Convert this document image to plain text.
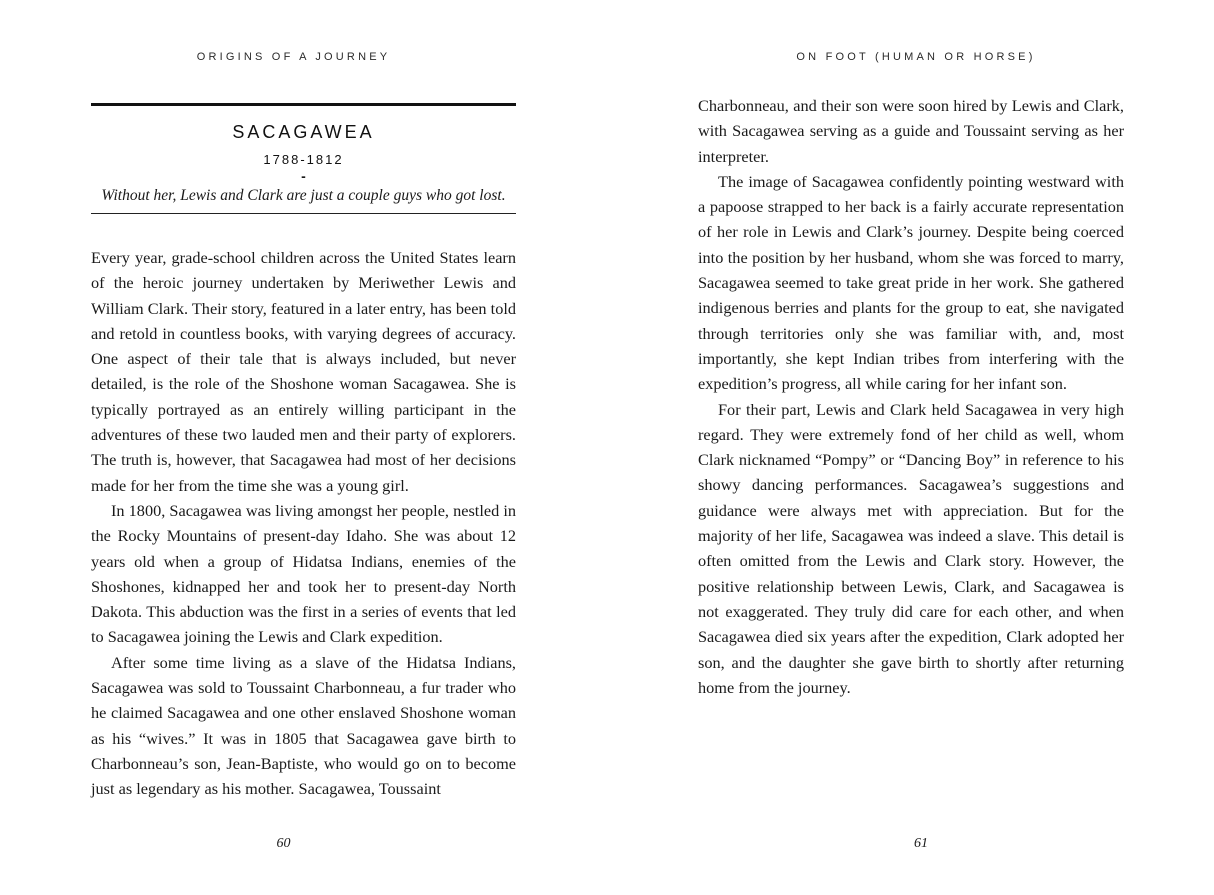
ORIGINS OF A JOURNEY
SACAGAWEA
1788-1812
-
Without her, Lewis and Clark are just a couple guys who got lost.

Every year, grade-school children across the United States learn of the heroic journey undertaken by Meriwether Lewis and William Clark. Their story, featured in a later entry, has been told and retold in countless books, with varying degrees of accuracy. One aspect of their tale that is always included, but never detailed, is the role of the Shoshone woman Sacagawea. She is typically portrayed as an entirely willing participant in the adventures of these two lauded men and their party of explorers. The truth is, however, that Sacagawea had most of her decisions made for her from the time she was a young girl.

In 1800, Sacagawea was living amongst her people, nestled in the Rocky Mountains of present-day Idaho. She was about 12 years old when a group of Hidatsa Indians, enemies of the Shoshones, kidnapped her and took her to present-day North Dakota. This abduction was the first in a series of events that led to Sacagawea joining the Lewis and Clark expedition.

After some time living as a slave of the Hidatsa Indians, Sacagawea was sold to Toussaint Charbonneau, a fur trader who he claimed Sacagawea and one other enslaved Shoshone woman as his “wives.” It was in 1805 that Sacagawea gave birth to Charbonneau’s son, Jean-Baptiste, who would go on to become just as legendary as his mother. Sacagawea, Toussaint

60
ON FOOT (HUMAN OR HORSE)

Charbonneau, and their son were soon hired by Lewis and Clark, with Sacagawea serving as a guide and Toussaint serving as her interpreter.

The image of Sacagawea confidently pointing westward with a papoose strapped to her back is a fairly accurate representation of her role in Lewis and Clark’s journey. Despite being coerced into the position by her husband, whom she was forced to marry, Sacagawea seemed to take great pride in her work. She gathered indigenous berries and plants for the group to eat, she navigated through territories only she was familiar with, and, most importantly, she kept Indian tribes from interfering with the expedition’s progress, all while caring for her infant son.

For their part, Lewis and Clark held Sacagawea in very high regard. They were extremely fond of her child as well, whom Clark nicknamed “Pompy” or “Dancing Boy” in reference to his showy dancing performances. Sacagawea’s suggestions and guidance were always met with appreciation. But for the majority of her life, Sacagawea was indeed a slave. This detail is often omitted from the Lewis and Clark story. However, the positive relationship between Lewis, Clark, and Sacagawea is not exaggerated. They truly did care for each other, and when Sacagawea died six years after the expedition, Clark adopted her son, and the daughter she gave birth to shortly after returning home from the journey.

61
